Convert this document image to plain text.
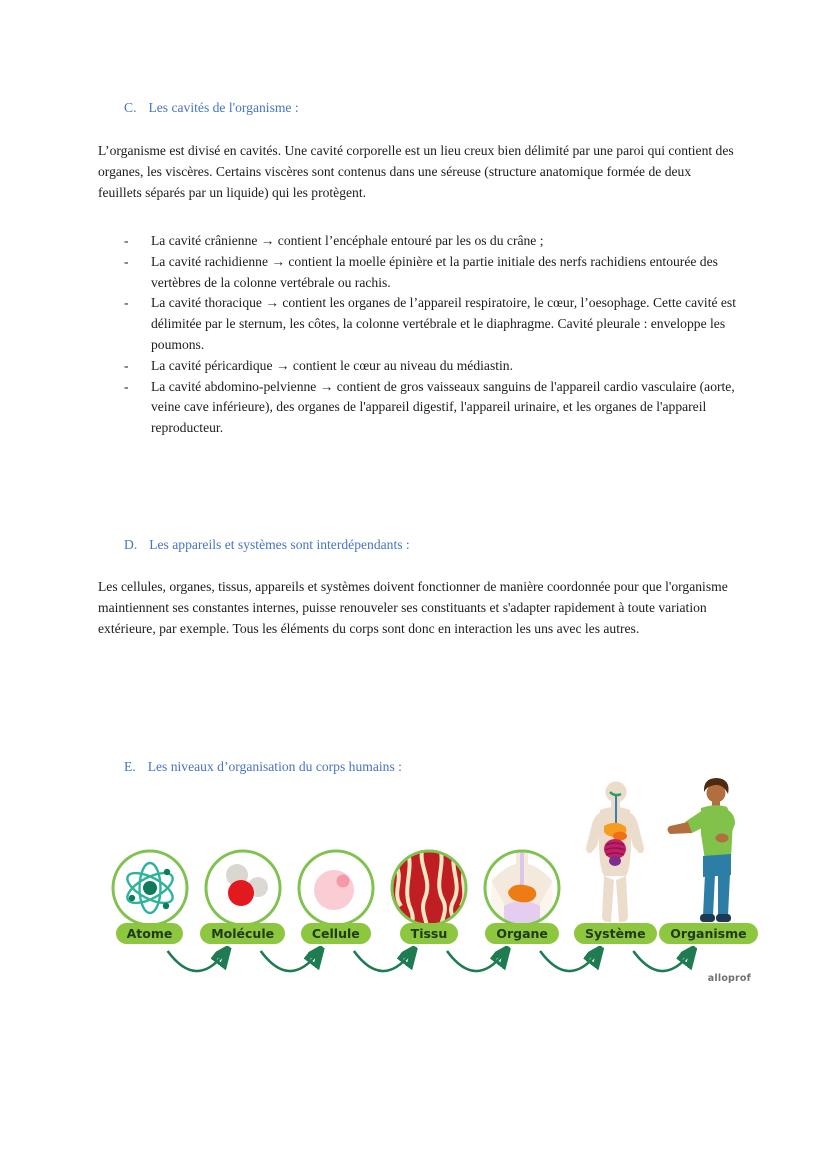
C. Les cavités de l'organisme :
L’organisme est divisé en cavités. Une cavité corporelle est un lieu creux bien délimité par une paroi qui contient des organes, les viscères. Certains viscères sont contenus dans une séreuse (structure anatomique formée de deux feuillets séparés par un liquide) qui les protègent.
-	La cavité crânienne → contient l’encéphale entouré par les os du crâne ;
-	La cavité rachidienne → contient la moelle épinière et la partie initiale des nerfs rachidiens entourée des vertèbres de la colonne vertébrale ou rachis.
-	La cavité thoracique → contient les organes de l’appareil respiratoire, le cœur, l’oesophage. Cette cavité est délimitée par le sternum, les côtes, la colonne vertébrale et le diaphragme. Cavité pleurale : enveloppe les poumons.
-	La cavité péricardique → contient le cœur au niveau du médiastin.
-	La cavité abdomino-pelvienne → contient de gros vaisseaux sanguins de l'appareil cardio vasculaire (aorte, veine cave inférieure), des organes de l'appareil digestif, l'appareil urinaire, et les organes de l'appareil reproducteur.
D. Les appareils et systèmes sont interdépendants :
Les cellules, organes, tissus, appareils et systèmes doivent fonctionner de manière coordonnée pour que l'organisme maintiennent ses constantes internes, puisse renouveler ses constituants et s'adapter rapidement à toute variation extérieure, par exemple. Tous les éléments du corps sont donc en interaction les uns avec les autres.
E. Les niveaux d’organisation du corps humains :
Atome	Molécule	Cellule	Tissu	Organe	Système	Organisme
alloprof
